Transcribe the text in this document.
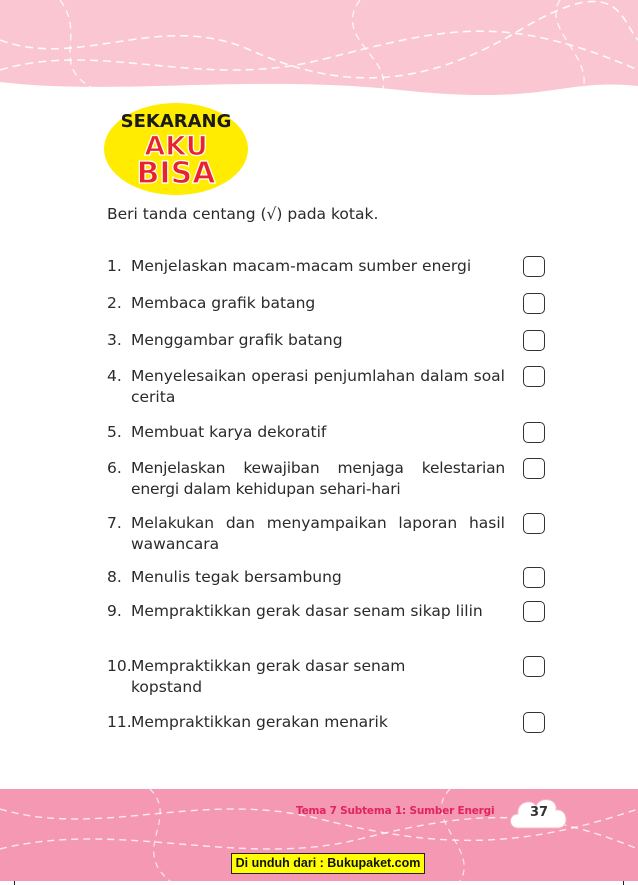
SEKARANG
AKU
BISA
Beri tanda centang (√) pada kotak.
1. Menjelaskan macam-macam sumber energi
2. Membaca grafik batang
3. Menggambar grafik batang
4. Menyelesaikan operasi penjumlahan dalam soal cerita
5. Membuat karya dekoratif
6. Menjelaskan kewajiban menjaga kelestarian energi dalam kehidupan sehari-hari
7. Melakukan dan menyampaikan laporan hasil wawancara
8. Menulis tegak bersambung
9. Mempraktikkan gerak dasar senam sikap lilin
10. Mempraktikkan gerak dasar senam kopstand
11. Mempraktikkan gerakan menarik
Tema 7 Subtema 1: Sumber Energi	37
Di unduh dari : Bukupaket.com
